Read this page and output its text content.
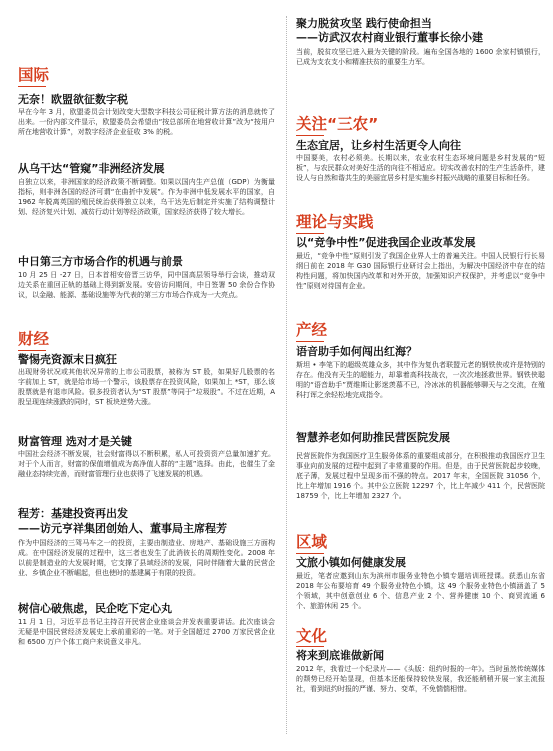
国际
无奈！欧盟欲征数字税

早在今年 3 月，欧盟委员会计划改变大型数字科技公司征税计算方法的消息就传了出来。一份内部文件显示，欧盟委员会希望由“按总部所在地营收计算”改为“按用户所在地营收计算”，对数字经济企业征收 3% 的税。

从乌干达“管窥”非洲经济发展

自独立以来，非洲国家的经济政策不断调整。如果以国内生产总值（GDP）为衡量指标，则非洲各国的经济可谓“在曲折中发展”。作为非洲中低发展水平的国家，自 1962 年脱离英国的殖民统治获得独立以来，乌干达先后制定并实施了结构调整计划、经济复兴计划、减贫行动计划等经济政策，国家经济获得了较大增长。

中日第三方市场合作的机遇与前景

10 月 25 日 -27 日，日本首相安倍晋三访华，同中国高层领导举行会谈，推动双边关系在重回正轨的基础上得到新发展。安倍访问期间，中日签署 50 余份合作协议，以金融、能源、基础设施等为代表的第三方市场合作成为一大亮点。

财经
警惕壳资源末日疯狂

出现财务状况或其他状况异常的上市公司股票，被称为 ST 股，如果好几股票的名字前加上 ST，就是给市场一个警示，该股票存在投资风险，如果加上 *ST，那么该股票就是有退市风险。很多投资者认为“ST 股票”等同于“垃圾股”。不过在近期，A 股呈现连续涨跌的同时，ST 板块逆势大涨。

财富管理 选对才是关键

中国社会经济不断发展，社会财富得以不断积累，私人可投资资产总量加速扩充。对于个人而言，财富的保值增值成为高净值人群的“主题”选择。由此，也催生了金融业态持续完善，而财富管理行业也获得了飞速发展的机遇。

程芳：基建投资再出发
——访元亨祥集团创始人、董事局主席程芳

作为中国经济的三驾马车之一的投资，主要由制造业、房地产、基础设施三方面构成。在中国经济发展的过程中，这三者也发生了此消彼长的周期性变化。2008 年以前是制造业的大发展时期，它支撑了县域经济的发展，同时伴随着大量的民营企业、乡镇企业不断崛起，但也使时的基建属于有限的投资。

树信心破焦虑，民企吃下定心丸

11 月 1 日，习近平总书记主持召开民营企业座谈会并发表重要讲话。此次座谈会无疑是中国民营经济发展史上承前重彩的一笔。对于全国超过 2700 万家民营企业和 6500 万户个体工商户来说意义非凡。

聚力脱贫攻坚 践行使命担当
——访武汉农村商业银行董事长徐小建

当前，脱贫攻坚已进入最为关键的阶段。遍布全国各地的 1600 余家村镇银行，已成为支农支小和精准扶贫的重要生力军。

关注“三农”
生态宜居，让乡村生活更令人向往

中国要美，农村必须美。长期以来，农业农村生态环境问题是乡村发展的“短板”，与农民群众对美好生活的向往不相适应。切实改善农村的生产生活条件，建设人与自然和谐共生的美丽宜居乡村是实施乡村振兴战略的重要目标和任务。

理论与实践
以“竞争中性”促进我国企业改革发展

最近，“竞争中性”原则引发了我国企业界人士的普遍关注。中国人民银行行长易纲日前在 2018 年 G30 国际银行业研讨会上指出，为解决中国经济中存在的结构性问题，将加快国内改革和对外开放，加强知识产权保护，并考虑以“竞争中性”原则对待国有企业。

产经
语音助手如何闯出红海？

斯坦 • 李笔下的超级英雄众多，其中作为复仇者联盟元老的钢铁侠或许是特别的存在。他没有天生的超能力，却靠着高科技战衣，一次次地拯救世界。钢铁侠聪明的“语音助手”贾维斯让影迷羡慕不已，冷冰冰的机器能够聊天与之交流，在殖科打诨之余轻松地完成指令。

智慧养老如何助推民营医院发展

民营医院作为我国医疗卫生服务体系的重要组成部分，在积极推动我国医疗卫生事业向前发展的过程中起到了非常重要的作用。但是，由于民营医院起步较晚，底子薄，发展过程中呈现多而不强的特点。2017 年末，全国医院 31056 个，比上年增加 1916 个。其中公立医院 12297 个，比上年减少 411 个，民营医院 18759 个，比上年增加 2327 个。

区域
文旅小镇如何健康发展

最近，笔者应邀到山东为滨州市服务业特色小镇专题培训班授课。获悉山东省 2018 年公布要培育 49 个服务业特色小镇，这 49 个服务业特色小镇涵盖了 5 个领域，其中创意创业 6 个、信息产业 2 个、营养健康 10 个、商贸流通 6 个、旅游休闲 25 个。

文化
将来到底谁做新闻

2012 年，我看过一个纪录片——《头版：纽约时报的一年》。当时虽然传统媒体的颓势已经开始显现，但基本还能保持较快发展，我还能稍稍开展一家主流报社，看到纽约时报的严谨、努力、变革，不免惴惴相惜。
